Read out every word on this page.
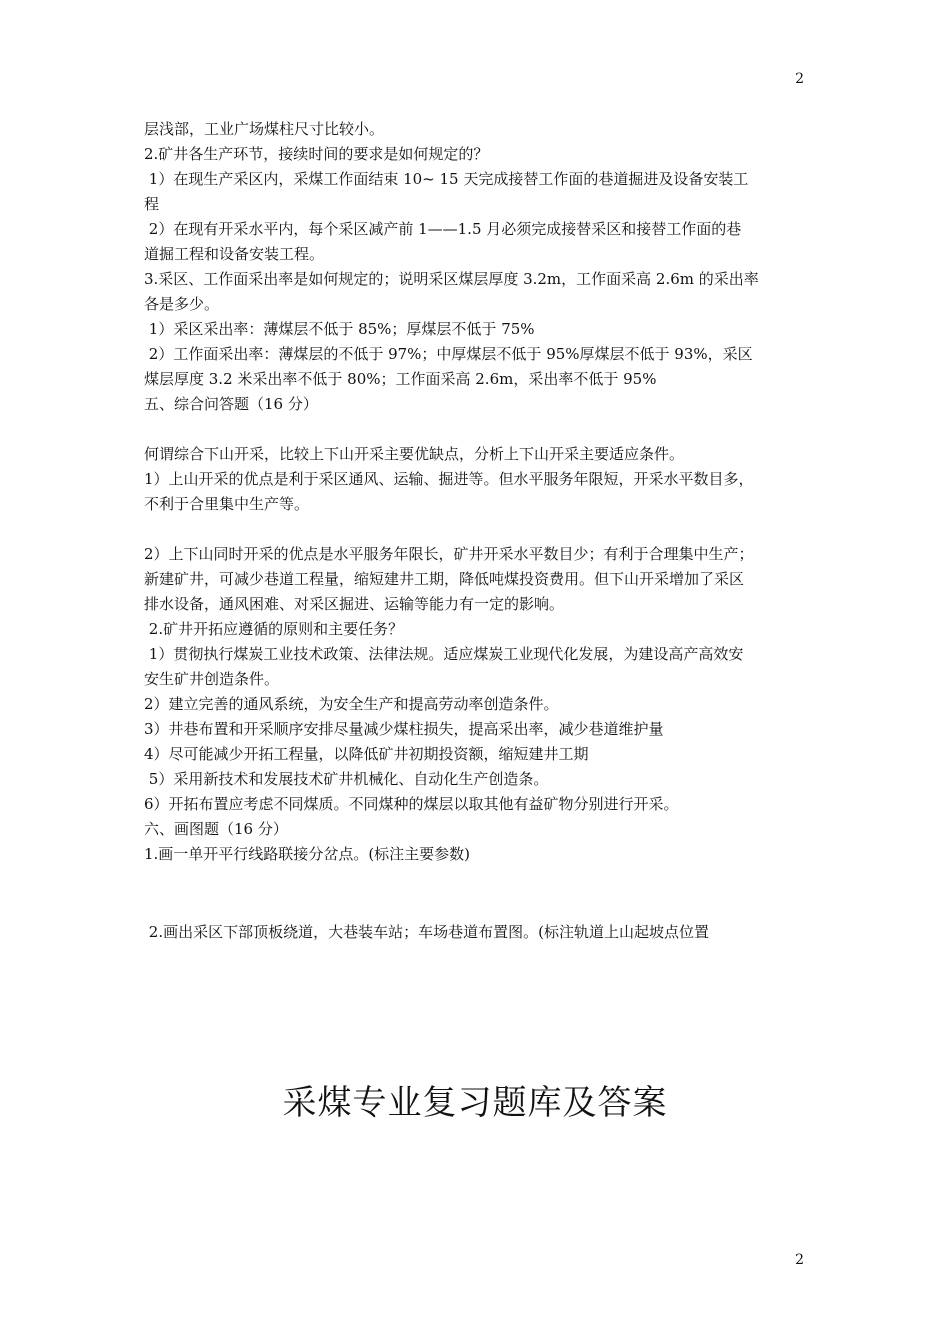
2
层浅部，工业广场煤柱尺寸比较小。
2.矿井各生产环节，接续时间的要求是如何规定的？
1）在现生产采区内，采煤工作面结束 10~ 15 天完成接替工作面的巷道掘进及设备安装工
程
2）在现有开采水平内，每个采区减产前 1——1.5 月必须完成接替采区和接替工作面的巷
道掘工程和设备安装工程。
3.采区、工作面采出率是如何规定的；说明采区煤层厚度 3.2m，工作面采高 2.6m 的采出率
各是多少。
1）采区采出率：薄煤层不低于 85%；厚煤层不低于 75%
2）工作面采出率：薄煤层的不低于 97%；中厚煤层不低于 95%厚煤层不低于 93%，采区
煤层厚度 3.2 米采出率不低于 80%；工作面采高 2.6m，采出率不低于 95%
五、综合问答题（16 分）
何谓综合下山开采，比较上下山开采主要优缺点，分析上下山开采主要适应条件。
1）上山开采的优点是利于采区通风、运输、掘进等。但水平服务年限短，开采水平数目多，
不利于合里集中生产等。
2）上下山同时开采的优点是水平服务年限长，矿井开采水平数目少；有利于合理集中生产；
新建矿井，可减少巷道工程量，缩短建井工期，降低吨煤投资费用。但下山开采增加了采区
排水设备，通风困难、对采区掘进、运输等能力有一定的影响。
2.矿井开拓应遵循的原则和主要任务？
1）贯彻执行煤炭工业技术政策、法律法规。适应煤炭工业现代化发展，为建设高产高效安
安生矿井创造条件。
2）建立完善的通风系统，为安全生产和提高劳动率创造条件。
3）井巷布置和开采顺序安排尽量减少煤柱损失，提高采出率，减少巷道维护量
4）尽可能减少开拓工程量，以降低矿井初期投资额，缩短建井工期
5）采用新技术和发展技术矿井机械化、自动化生产创造条。
6）开拓布置应考虑不同煤质。不同煤种的煤层以取其他有益矿物分别进行开采。
六、画图题（16 分）
1.画一单开平行线路联接分岔点。(标注主要参数)
2.画出采区下部顶板绕道，大巷装车站；车场巷道布置图。(标注轨道上山起坡点位置
采煤专业复习题库及答案
2
